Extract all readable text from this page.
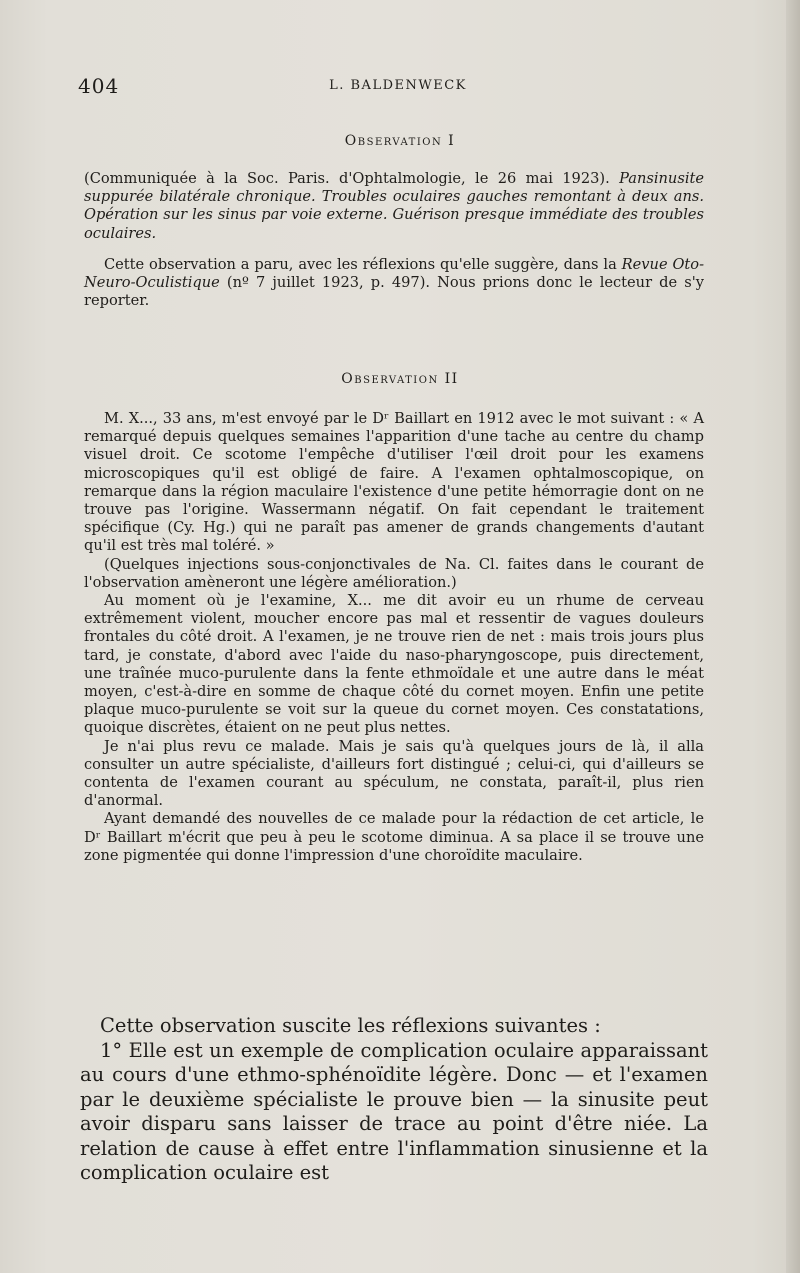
404	L. BALDENWECK
Observation I

(Communiquée à la Soc. Paris. d'Ophtalmologie, le 26 mai 1923). Pansinusite suppurée bilatérale chronique. Troubles oculaires gauches remontant à deux ans. Opération sur les sinus par voie externe. Guérison presque immédiate des troubles oculaires.

Cette observation a paru, avec les réflexions qu'elle suggère, dans la Revue Oto-Neuro-Oculistique (nº 7 juillet 1923, p. 497). Nous prions donc le lecteur de s'y reporter.

Observation II

M. X..., 33 ans, m'est envoyé par le Dʳ Baillart en 1912 avec le mot suivant : « A remarqué depuis quelques semaines l'apparition d'une tache au centre du champ visuel droit. Ce scotome l'empêche d'utiliser l'œil droit pour les examens microscopiques qu'il est obligé de faire. A l'examen ophtalmoscopique, on remarque dans la région maculaire l'existence d'une petite hémorragie dont on ne trouve pas l'origine. Wassermann négatif. On fait cependant le traitement spécifique (Cy. Hg.) qui ne paraît pas amener de grands changements d'autant qu'il est très mal toléré. »

(Quelques injections sous-conjonctivales de Na. Cl. faites dans le courant de l'observation amèneront une légère amélioration.)

Au moment où je l'examine, X... me dit avoir eu un rhume de cerveau extrêmement violent, moucher encore pas mal et ressentir de vagues douleurs frontales du côté droit. A l'examen, je ne trouve rien de net : mais trois jours plus tard, je constate, d'abord avec l'aide du naso-pharyngoscope, puis directement, une traînée muco-purulente dans la fente ethmoïdale et une autre dans le méat moyen, c'est-à-dire en somme de chaque côté du cornet moyen. Enfin une petite plaque muco-purulente se voit sur la queue du cornet moyen. Ces constatations, quoique discrètes, étaient on ne peut plus nettes.

Je n'ai plus revu ce malade. Mais je sais qu'à quelques jours de là, il alla consulter un autre spécialiste, d'ailleurs fort distingué ; celui-ci, qui d'ailleurs se contenta de l'examen courant au spéculum, ne constata, paraît-il, plus rien d'anormal.

Ayant demandé des nouvelles de ce malade pour la rédaction de cet article, le Dʳ Baillart m'écrit que peu à peu le scotome diminua. A sa place il se trouve une zone pigmentée qui donne l'impression d'une choroïdite maculaire.

Cette observation suscite les réflexions suivantes :

1° Elle est un exemple de complication oculaire apparaissant au cours d'une ethmo-sphénoïdite légère. Donc — et l'examen par le deuxième spécialiste le prouve bien — la sinusite peut avoir disparu sans laisser de trace au point d'être niée. La relation de cause à effet entre l'inflammation sinusienne et la complication oculaire est
